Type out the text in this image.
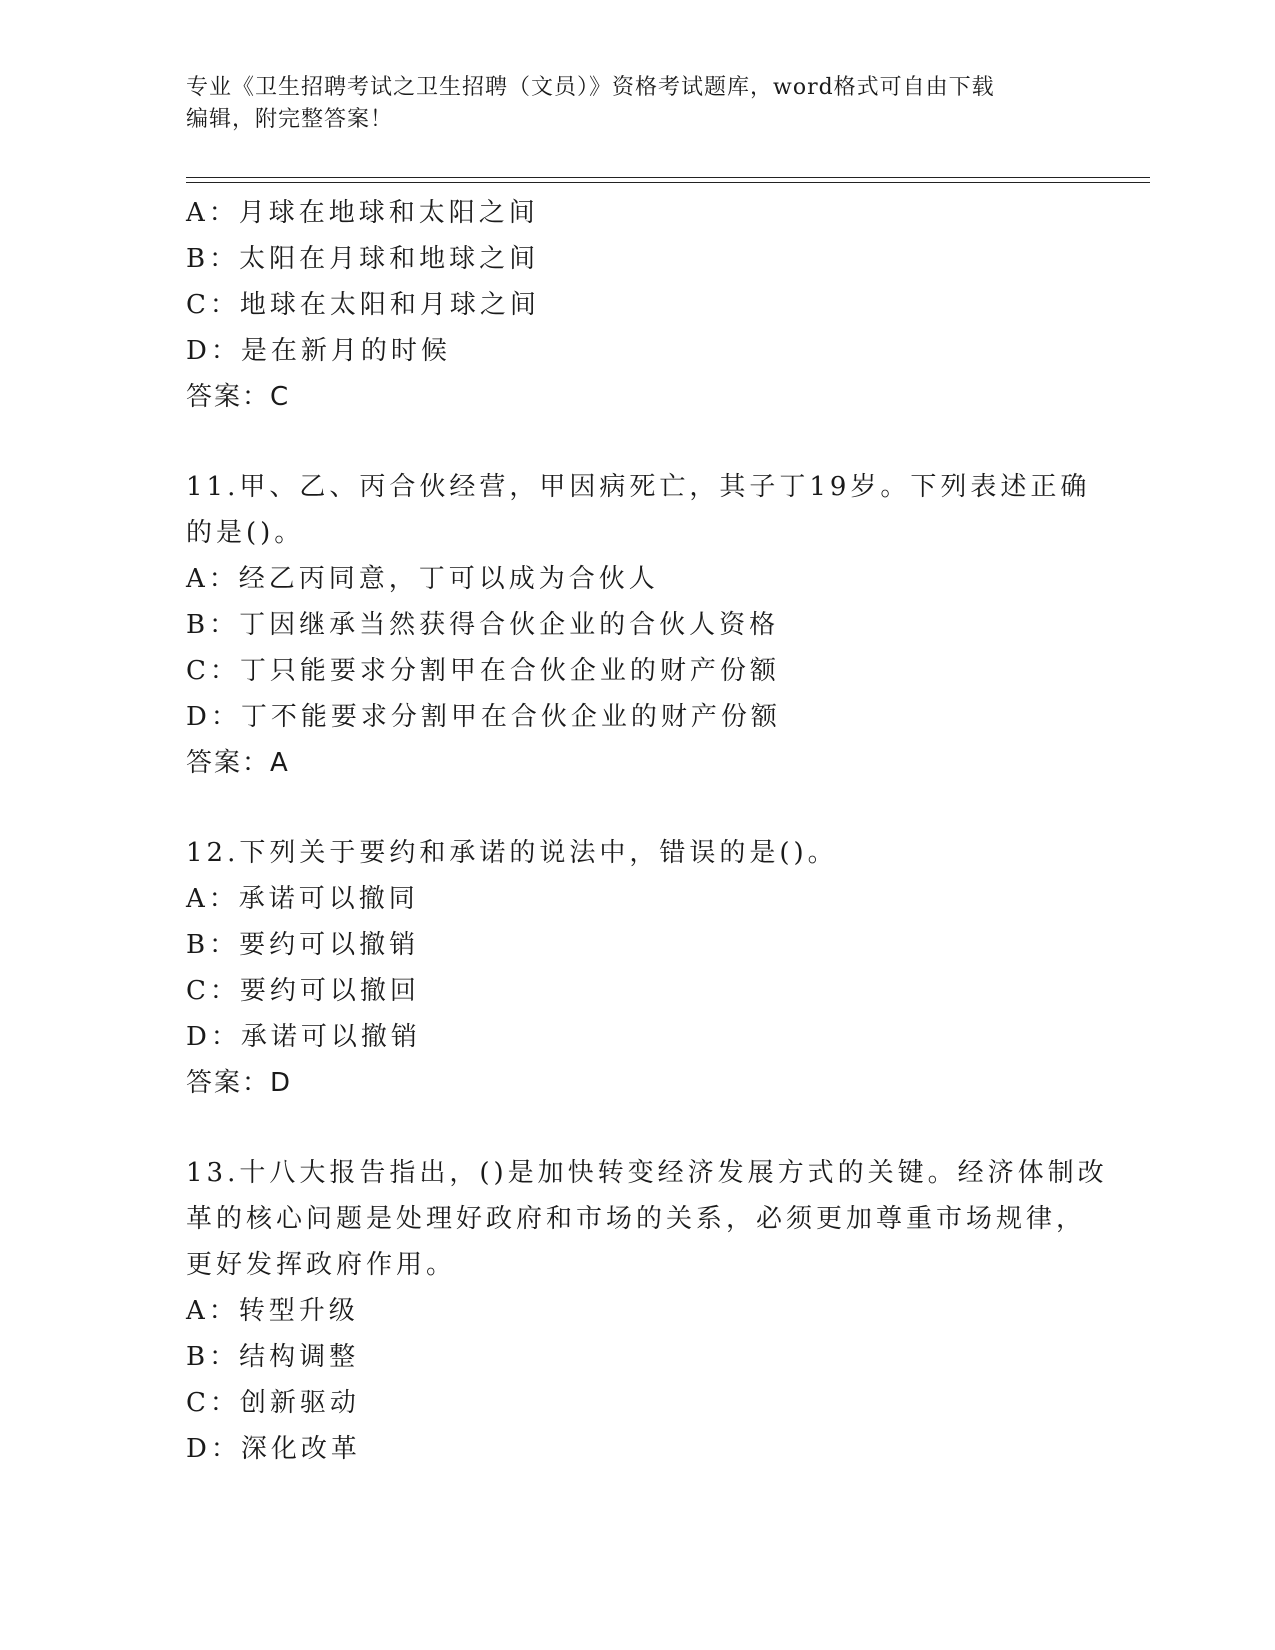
专业《卫生招聘考试之卫生招聘（文员）》资格考试题库，word格式可自由下载
编辑，附完整答案！
A：月球在地球和太阳之间
B：太阳在月球和地球之间
C：地球在太阳和月球之间
D：是在新月的时候
答案：C
11.甲、乙、丙合伙经营，甲因病死亡，其子丁19岁。下列表述正确
的是()。
A：经乙丙同意，丁可以成为合伙人
B：丁因继承当然获得合伙企业的合伙人资格
C：丁只能要求分割甲在合伙企业的财产份额
D：丁不能要求分割甲在合伙企业的财产份额
答案：A
12.下列关于要约和承诺的说法中，错误的是()。
A：承诺可以撤同
B：要约可以撤销
C：要约可以撤回
D：承诺可以撤销
答案：D
13.十八大报告指出，()是加快转变经济发展方式的关键。经济体制改
革的核心问题是处理好政府和市场的关系，必须更加尊重市场规律，
更好发挥政府作用。
A：转型升级
B：结构调整
C：创新驱动
D：深化改革
